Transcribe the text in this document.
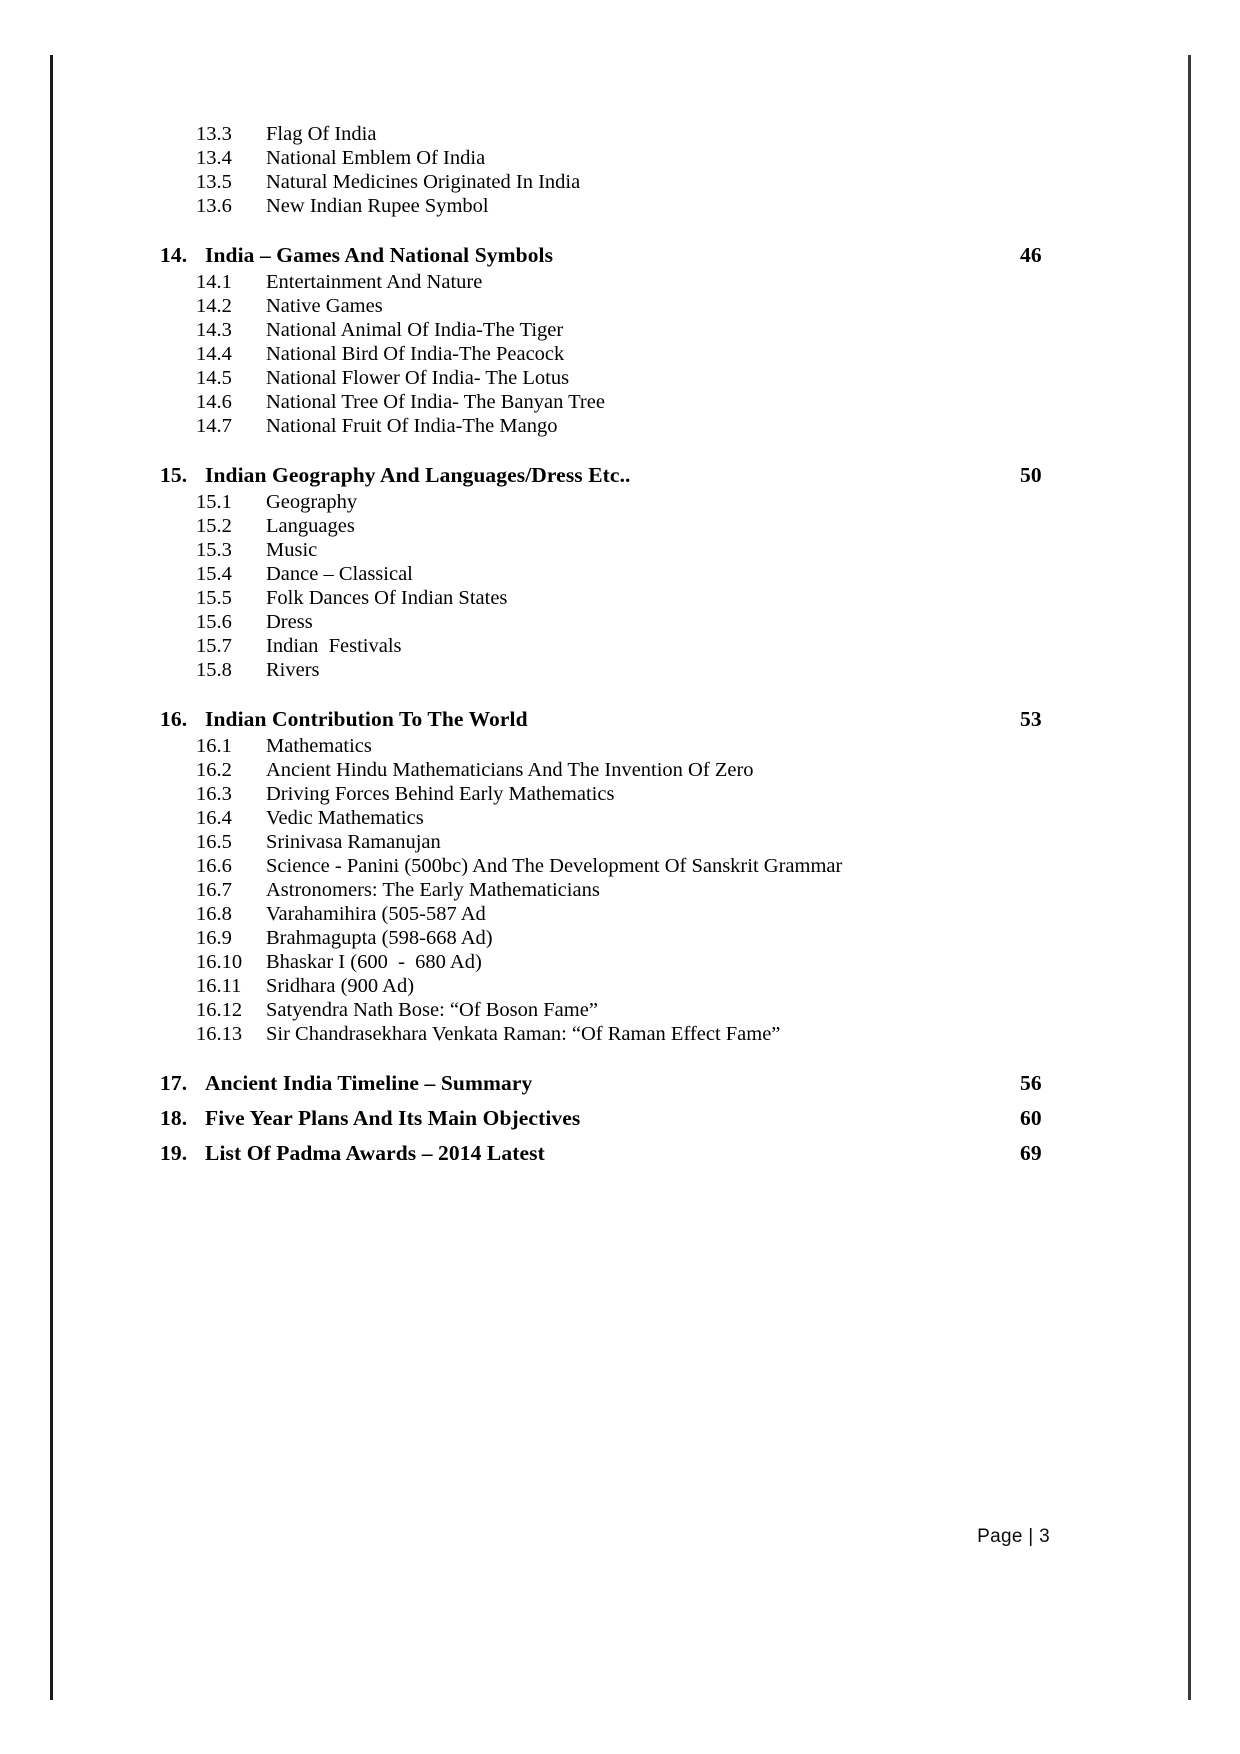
13.3	Flag Of India
13.4	National Emblem Of India
13.5	Natural Medicines Originated In India
13.6	New Indian Rupee Symbol
14. India – Games And National Symbols	46
14.1	Entertainment And Nature
14.2	Native Games
14.3	National Animal Of India-The Tiger
14.4	National Bird Of India-The Peacock
14.5	National Flower Of India- The Lotus
14.6	National Tree Of India- The Banyan Tree
14.7	National Fruit Of India-The Mango
15. Indian Geography And Languages/Dress Etc..	50
15.1	Geography
15.2	Languages
15.3	Music
15.4	Dance – Classical
15.5	Folk Dances Of Indian States
15.6	Dress
15.7	Indian  Festivals
15.8	Rivers
16. Indian Contribution To The World	53
16.1	Mathematics
16.2	Ancient Hindu Mathematicians And The Invention Of Zero
16.3	Driving Forces Behind Early Mathematics
16.4	Vedic Mathematics
16.5	Srinivasa Ramanujan
16.6	Science - Panini (500bc) And The Development Of Sanskrit Grammar
16.7	Astronomers: The Early Mathematicians
16.8	Varahamihira (505-587 Ad
16.9	Brahmagupta (598-668 Ad)
16.10	Bhaskar I (600  -  680 Ad)
16.11	Sridhara (900 Ad)
16.12	Satyendra Nath Bose: “Of Boson Fame”
16.13	Sir Chandrasekhara Venkata Raman: “Of Raman Effect Fame”
17. Ancient India Timeline – Summary	56
18. Five Year Plans And Its Main Objectives	60
19. List Of Padma Awards – 2014 Latest	69
Page | 3
